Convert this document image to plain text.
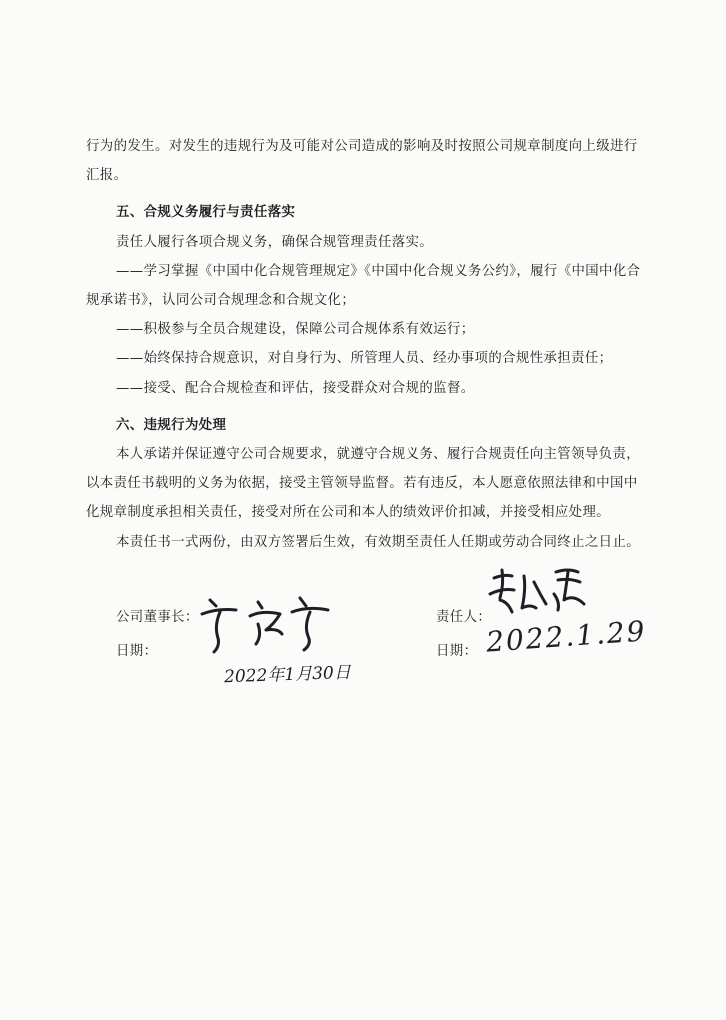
行为的发生。对发生的违规行为及可能对公司造成的影响及时按照公司规章制度向上级进行汇报。

五、合规义务履行与责任落实

责任人履行各项合规义务，确保合规管理责任落实。

——学习掌握《中国中化合规管理规定》《中国中化合规义务公约》，履行《中国中化合规承诺书》，认同公司合规理念和合规文化；

——积极参与全员合规建设，保障公司合规体系有效运行；

——始终保持合规意识，对自身行为、所管理人员、经办事项的合规性承担责任；

——接受、配合合规检查和评估，接受群众对合规的监督。

六、违规行为处理

本人承诺并保证遵守公司合规要求，就遵守合规义务、履行合规责任向主管领导负责，以本责任书载明的义务为依据，接受主管领导监督。若有违反，本人愿意依照法律和中国中化规章制度承担相关责任，接受对所在公司和本人的绩效评价扣减，并接受相应处理。

本责任书一式两份，由双方签署后生效，有效期至责任人任期或劳动合同终止之日止。

公司董事长：
日期：
2022年1月30日
责任人：
日期： 2022.1.29
